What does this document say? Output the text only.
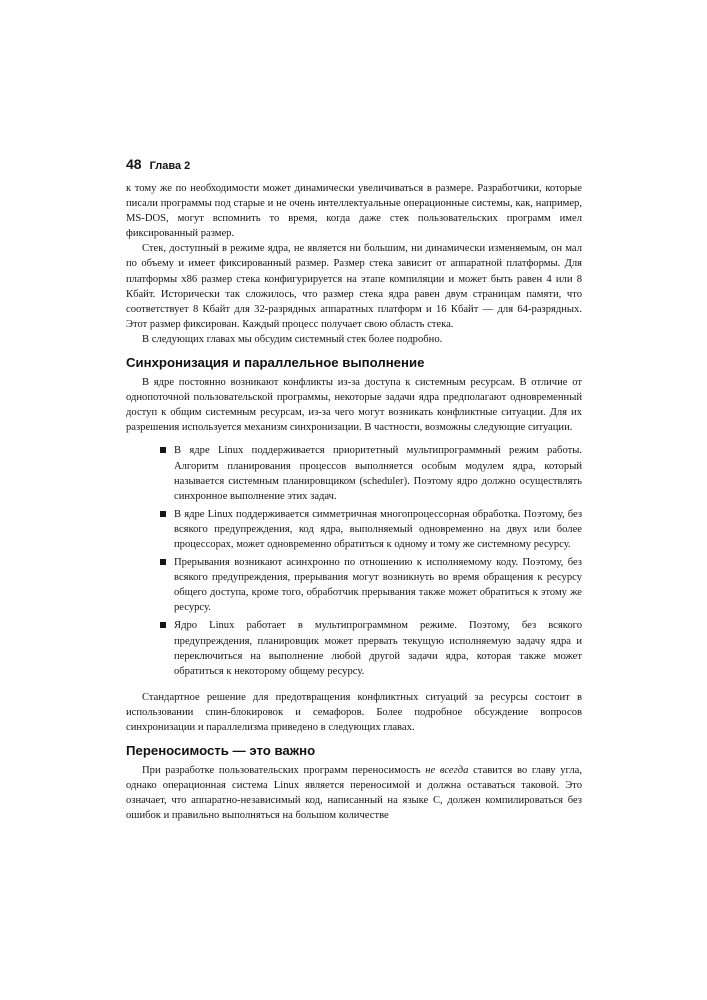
48 Глава 2

к тому же по необходимости может динамически увеличиваться в размере. Разработчики, которые писали программы под старые и не очень интеллектуальные операционные системы, как, например, MS-DOS, могут вспомнить то время, когда даже стек пользовательских программ имел фиксированный размер.

Стек, доступный в режиме ядра, не является ни большим, ни динамически изменяемым, он мал по объему и имеет фиксированный размер. Размер стека зависит от аппаратной платформы. Для платформы x86 размер стека конфигурируется на этапе компиляции и может быть равен 4 или 8 Кбайт. Исторически так сложилось, что размер стека ядра равен двум страницам памяти, что соответствует 8 Кбайт для 32-разрядных аппаратных платформ и 16 Кбайт — для 64-разрядных. Этот размер фиксирован. Каждый процесс получает свою область стека.

В следующих главах мы обсудим системный стек более подробно.

Синхронизация и параллельное выполнение

В ядре постоянно возникают конфликты из-за доступа к системным ресурсам. В отличие от однопоточной пользовательской программы, некоторые задачи ядра предполагают одновременный доступ к общим системным ресурсам, из-за чего могут возникать конфликтные ситуации. Для их разрешения используется механизм синхронизации. В частности, возможны следующие ситуации.

В ядре Linux поддерживается приоритетный мультипрограммный режим работы. Алгоритм планирования процессов выполняется особым модулем ядра, который называется системным планировщиком (scheduler). Поэтому ядро должно осуществлять синхронное выполнение этих задач.
В ядре Linux поддерживается симметричная многопроцессорная обработка. Поэтому, без всякого предупреждения, код ядра, выполняемый одновременно на двух или более процессорах, может одновременно обратиться к одному и тому же системному ресурсу.
Прерывания возникают асинхронно по отношению к исполняемому коду. Поэтому, без всякого предупреждения, прерывания могут возникнуть во время обращения к ресурсу общего доступа, кроме того, обработчик прерывания также может обратиться к этому же ресурсу.
Ядро Linux работает в мультипрограммном режиме. Поэтому, без всякого предупреждения, планировщик может прервать текущую исполняемую задачу ядра и переключиться на выполнение любой другой задачи ядра, которая также может обратиться к некоторому общему ресурсу.

Стандартное решение для предотвращения конфликтных ситуаций за ресурсы состоит в использовании спин-блокировок и семафоров. Более подробное обсуждение вопросов синхронизации и параллелизма приведено в следующих главах.

Переносимость — это важно

При разработке пользовательских программ переносимость не всегда ставится во главу угла, однако операционная система Linux является переносимой и должна оставаться таковой. Это означает, что аппаратно-независимый код, написанный на языке С, должен компилироваться без ошибок и правильно выполняться на большом количестве
